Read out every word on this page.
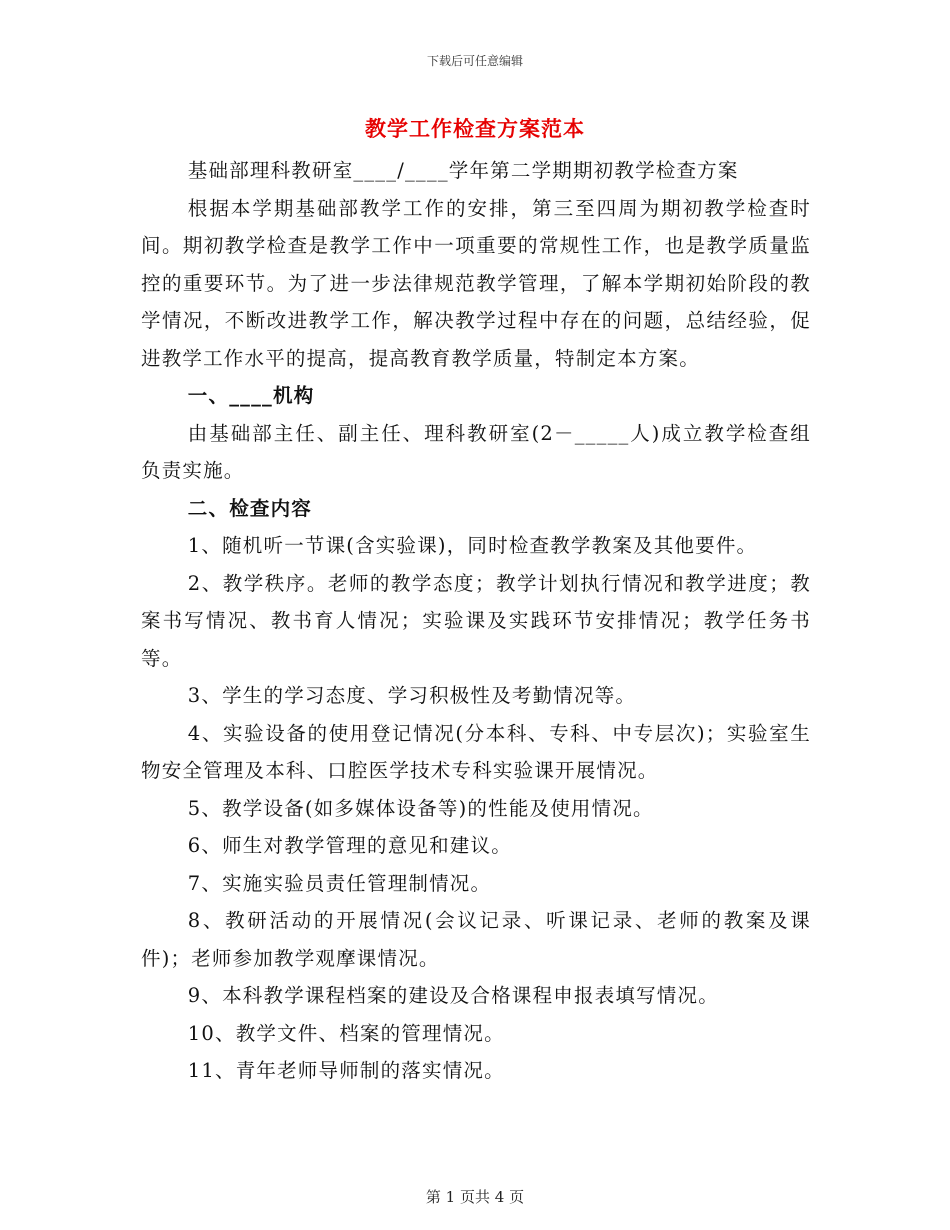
下载后可任意编辑
教学工作检查方案范本

基础部理科教研室____/____学年第二学期期初教学检查方案

根据本学期基础部教学工作的安排，第三至四周为期初教学检查时间。期初教学检查是教学工作中一项重要的常规性工作，也是教学质量监控的重要环节。为了进一步法律规范教学管理，了解本学期初始阶段的教学情况，不断改进教学工作，解决教学过程中存在的问题，总结经验，促进教学工作水平的提高，提高教育教学质量，特制定本方案。

一、____机构

由基础部主任、副主任、理科教研室(2－_____人)成立教学检查组负责实施。

二、检查内容

1、随机听一节课(含实验课)，同时检查教学教案及其他要件。

2、教学秩序。老师的教学态度；教学计划执行情况和教学进度；教案书写情况、教书育人情况；实验课及实践环节安排情况；教学任务书等。

3、学生的学习态度、学习积极性及考勤情况等。

4、实验设备的使用登记情况(分本科、专科、中专层次)；实验室生物安全管理及本科、口腔医学技术专科实验课开展情况。

5、教学设备(如多媒体设备等)的性能及使用情况。

6、师生对教学管理的意见和建议。

7、实施实验员责任管理制情况。

8、教研活动的开展情况(会议记录、听课记录、老师的教案及课件)；老师参加教学观摩课情况。

9、本科教学课程档案的建设及合格课程申报表填写情况。

10、教学文件、档案的管理情况。

11、青年老师导师制的落实情况。

第 1 页共 4 页
